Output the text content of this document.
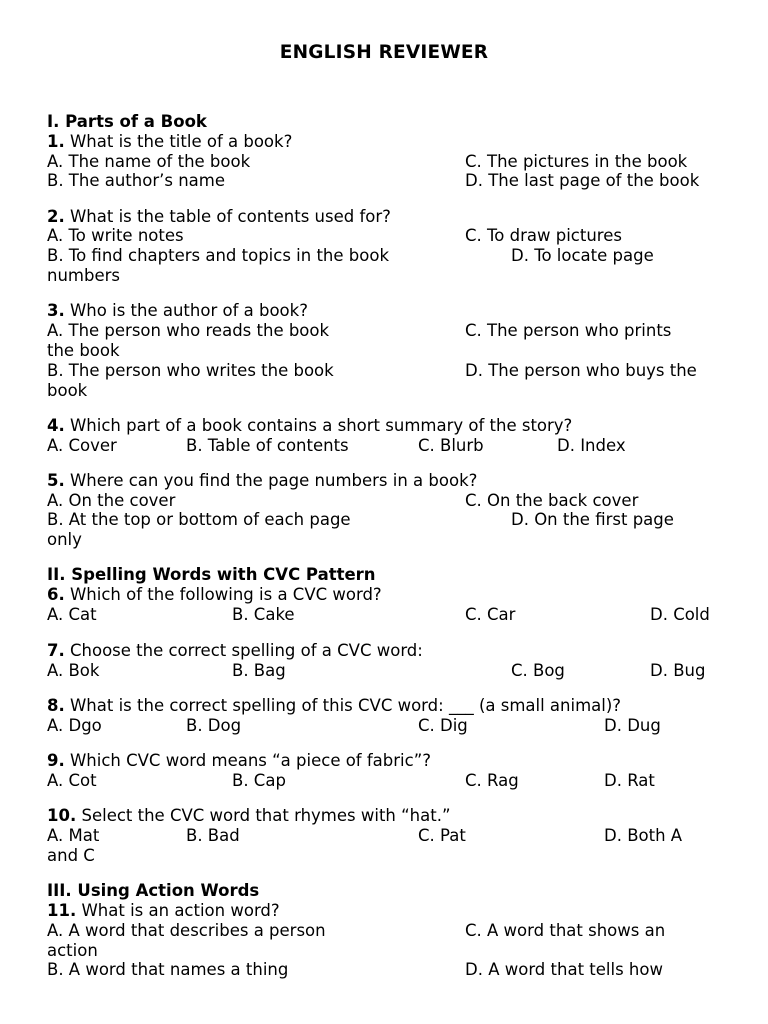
ENGLISH REVIEWER
I. Parts of a Book
1. What is the title of a book?
A. The name of the book	C. The pictures in the book
B. The author’s name	D. The last page of the book
2. What is the table of contents used for?
A. To write notes	C. To draw pictures
B. To find chapters and topics in the book	D. To locate page
numbers
3. Who is the author of a book?
A. The person who reads the book	C. The person who prints
the book
B. The person who writes the book	D. The person who buys the
book
4. Which part of a book contains a short summary of the story?
A. Cover	B. Table of contents	C. Blurb	D. Index
5. Where can you find the page numbers in a book?
A. On the cover	C. On the back cover
B. At the top or bottom of each page	D. On the first page
only
II. Spelling Words with CVC Pattern
6. Which of the following is a CVC word?
A. Cat	B. Cake	C. Car	D. Cold
7. Choose the correct spelling of a CVC word:
A. Bok	B. Bag	C. Bog	D. Bug
8. What is the correct spelling of this CVC word: ___ (a small animal)?
A. Dgo	B. Dog	C. Dig	D. Dug
9. Which CVC word means “a piece of fabric”?
A. Cot	B. Cap	C. Rag	D. Rat
10. Select the CVC word that rhymes with “hat.”
A. Mat	B. Bad	C. Pat	D. Both A
and C
III. Using Action Words
11. What is an action word?
A. A word that describes a person	C. A word that shows an
action
B. A word that names a thing	D. A word that tells how
